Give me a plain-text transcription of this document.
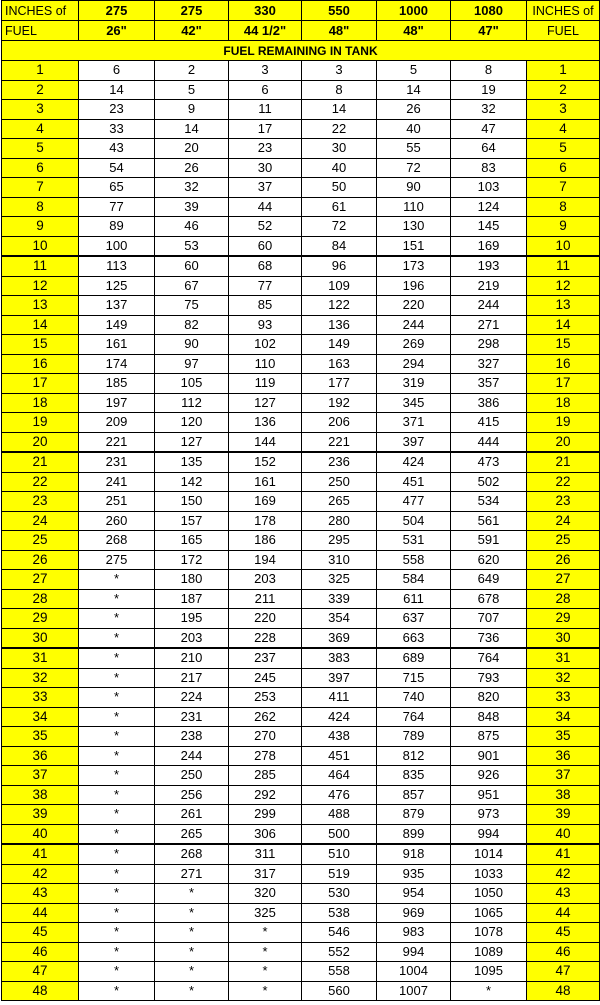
INCHES of	275	275	330	550	1000	1080	INCHES of
FUEL	26"	42"	44 1/2"	48"	48"	47"	FUEL
FUEL REMAINING IN TANK							
1	6	2	3	3	5	8	1
2	14	5	6	8	14	19	2
3	23	9	11	14	26	32	3
4	33	14	17	22	40	47	4
5	43	20	23	30	55	64	5
6	54	26	30	40	72	83	6
7	65	32	37	50	90	103	7
8	77	39	44	61	110	124	8
9	89	46	52	72	130	145	9
10	100	53	60	84	151	169	10
11	113	60	68	96	173	193	11
12	125	67	77	109	196	219	12
13	137	75	85	122	220	244	13
14	149	82	93	136	244	271	14
15	161	90	102	149	269	298	15
16	174	97	110	163	294	327	16
17	185	105	119	177	319	357	17
18	197	112	127	192	345	386	18
19	209	120	136	206	371	415	19
20	221	127	144	221	397	444	20
21	231	135	152	236	424	473	21
22	241	142	161	250	451	502	22
23	251	150	169	265	477	534	23
24	260	157	178	280	504	561	24
25	268	165	186	295	531	591	25
26	275	172	194	310	558	620	26
27	*	180	203	325	584	649	27
28	*	187	211	339	611	678	28
29	*	195	220	354	637	707	29
30	*	203	228	369	663	736	30
31	*	210	237	383	689	764	31
32	*	217	245	397	715	793	32
33	*	224	253	411	740	820	33
34	*	231	262	424	764	848	34
35	*	238	270	438	789	875	35
36	*	244	278	451	812	901	36
37	*	250	285	464	835	926	37
38	*	256	292	476	857	951	38
39	*	261	299	488	879	973	39
40	*	265	306	500	899	994	40
41	*	268	311	510	918	1014	41
42	*	271	317	519	935	1033	42
43	*	*	320	530	954	1050	43
44	*	*	325	538	969	1065	44
45	*	*	*	546	983	1078	45
46	*	*	*	552	994	1089	46
47	*	*	*	558	1004	1095	47
48	*	*	*	560	1007	*	48
